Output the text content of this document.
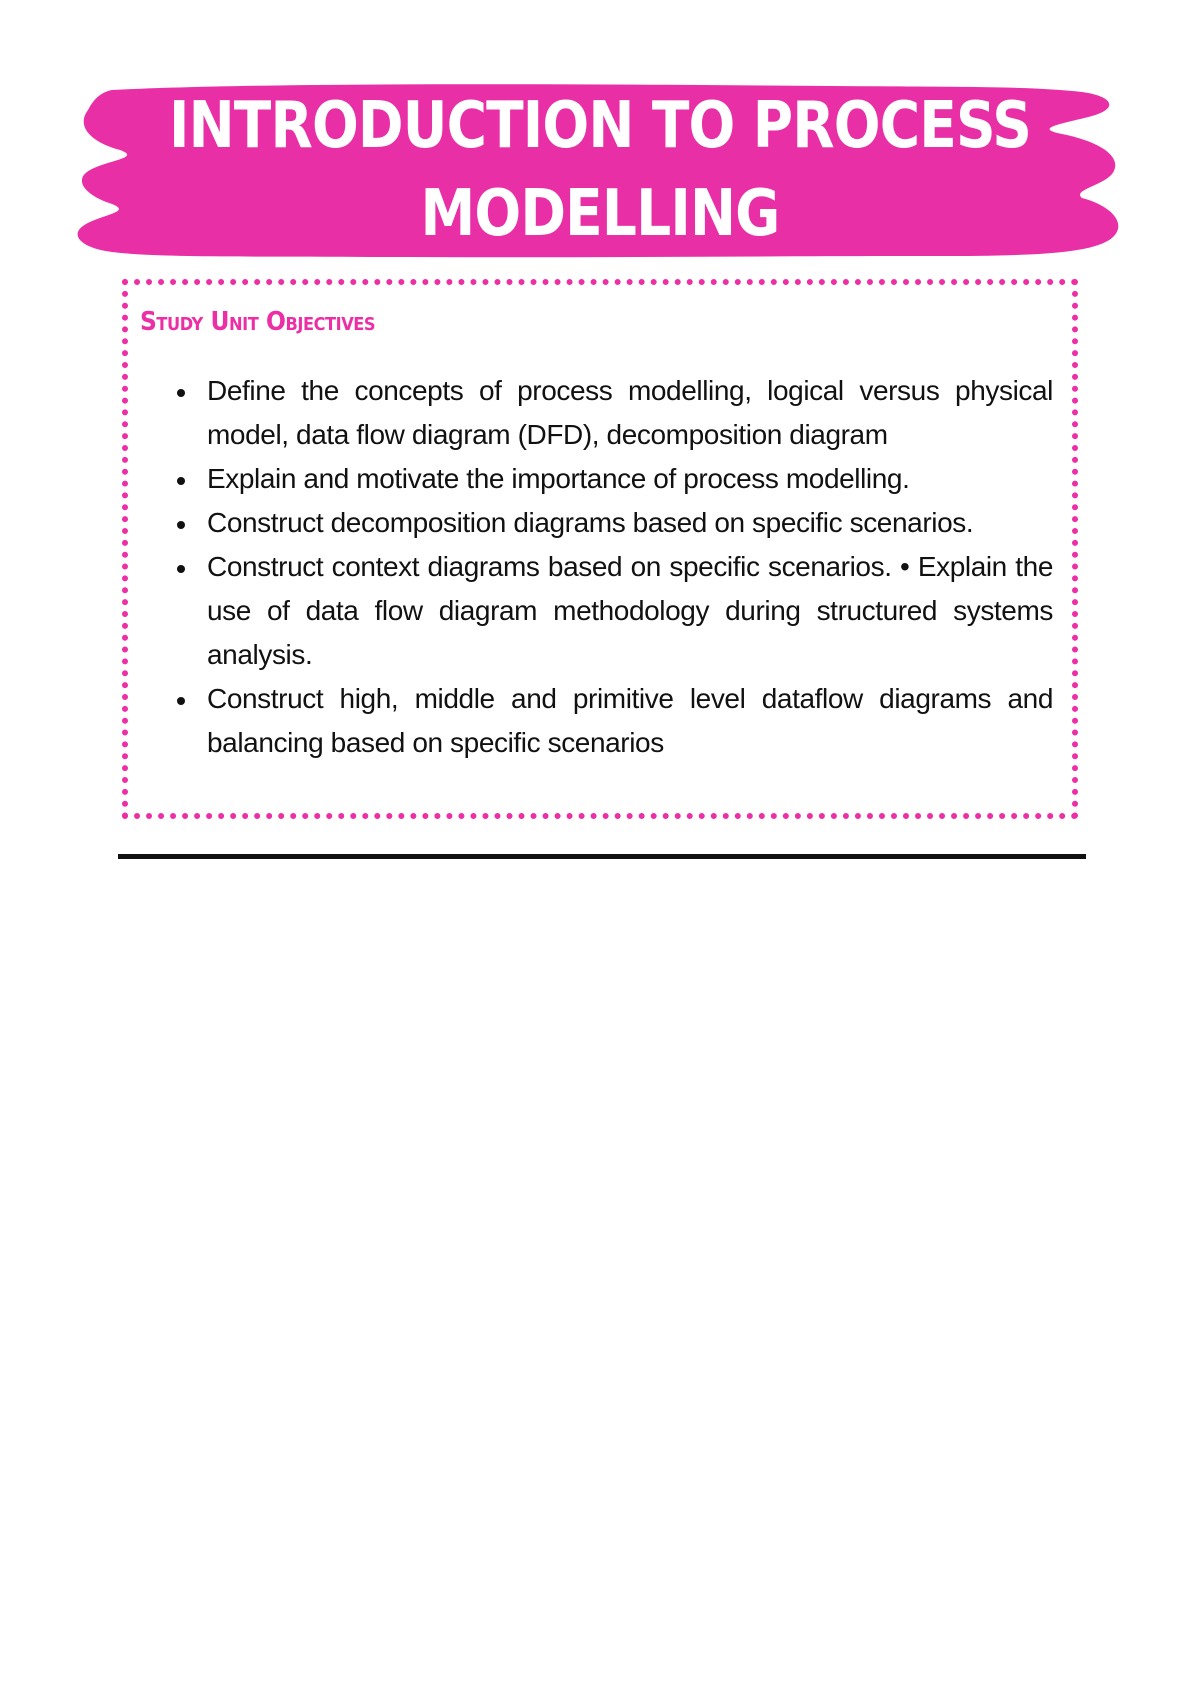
INTRODUCTION TO PROCESS MODELLING
Study Unit Objectives
Define the concepts of process modelling, logical versus physical model, data flow diagram (DFD), decomposition diagram
Explain and motivate the importance of process modelling.
Construct decomposition diagrams based on specific scenarios.
Construct context diagrams based on specific scenarios. • Explain the use of data flow diagram methodology during structured systems analysis.
Construct high, middle and primitive level dataflow diagrams and balancing based on specific scenarios
